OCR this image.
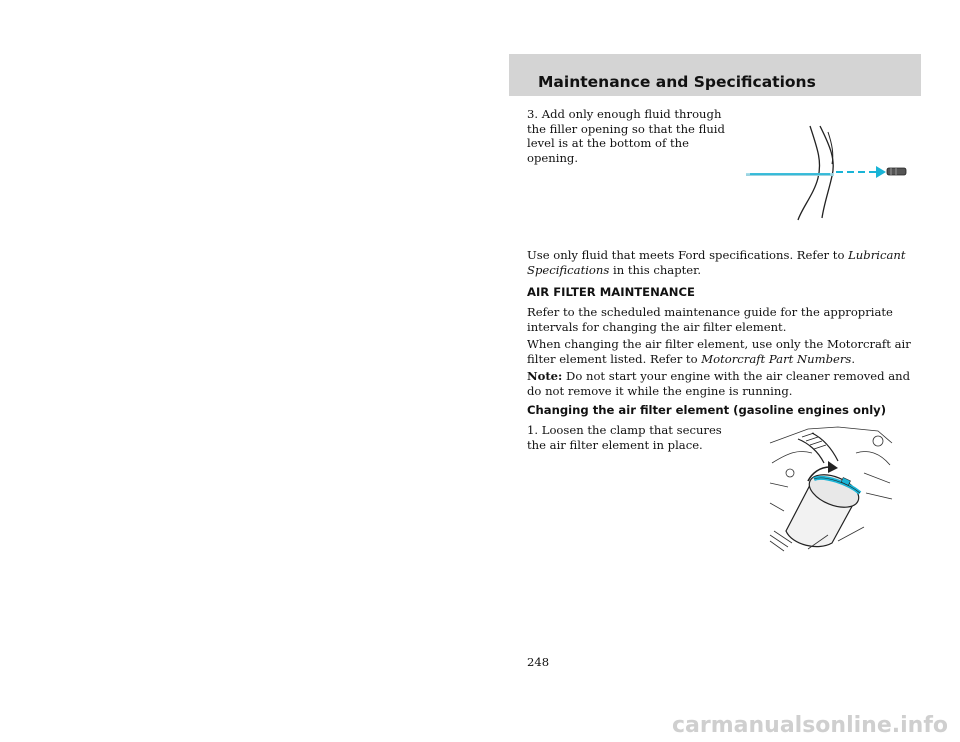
Maintenance and Specifications

3. Add only enough fluid through the filler opening so that the fluid level is at the bottom of the opening.

Use only fluid that meets Ford specifications. Refer to Lubricant Specifications in this chapter.

AIR FILTER MAINTENANCE

Refer to the scheduled maintenance guide for the appropriate intervals for changing the air filter element.

When changing the air filter element, use only the Motorcraft air filter element listed. Refer to Motorcraft Part Numbers.

Note: Do not start your engine with the air cleaner removed and do not remove it while the engine is running.

Changing the air filter element (gasoline engines only)

1. Loosen the clamp that secures the air filter element in place.

248
carmanualsonline.info
